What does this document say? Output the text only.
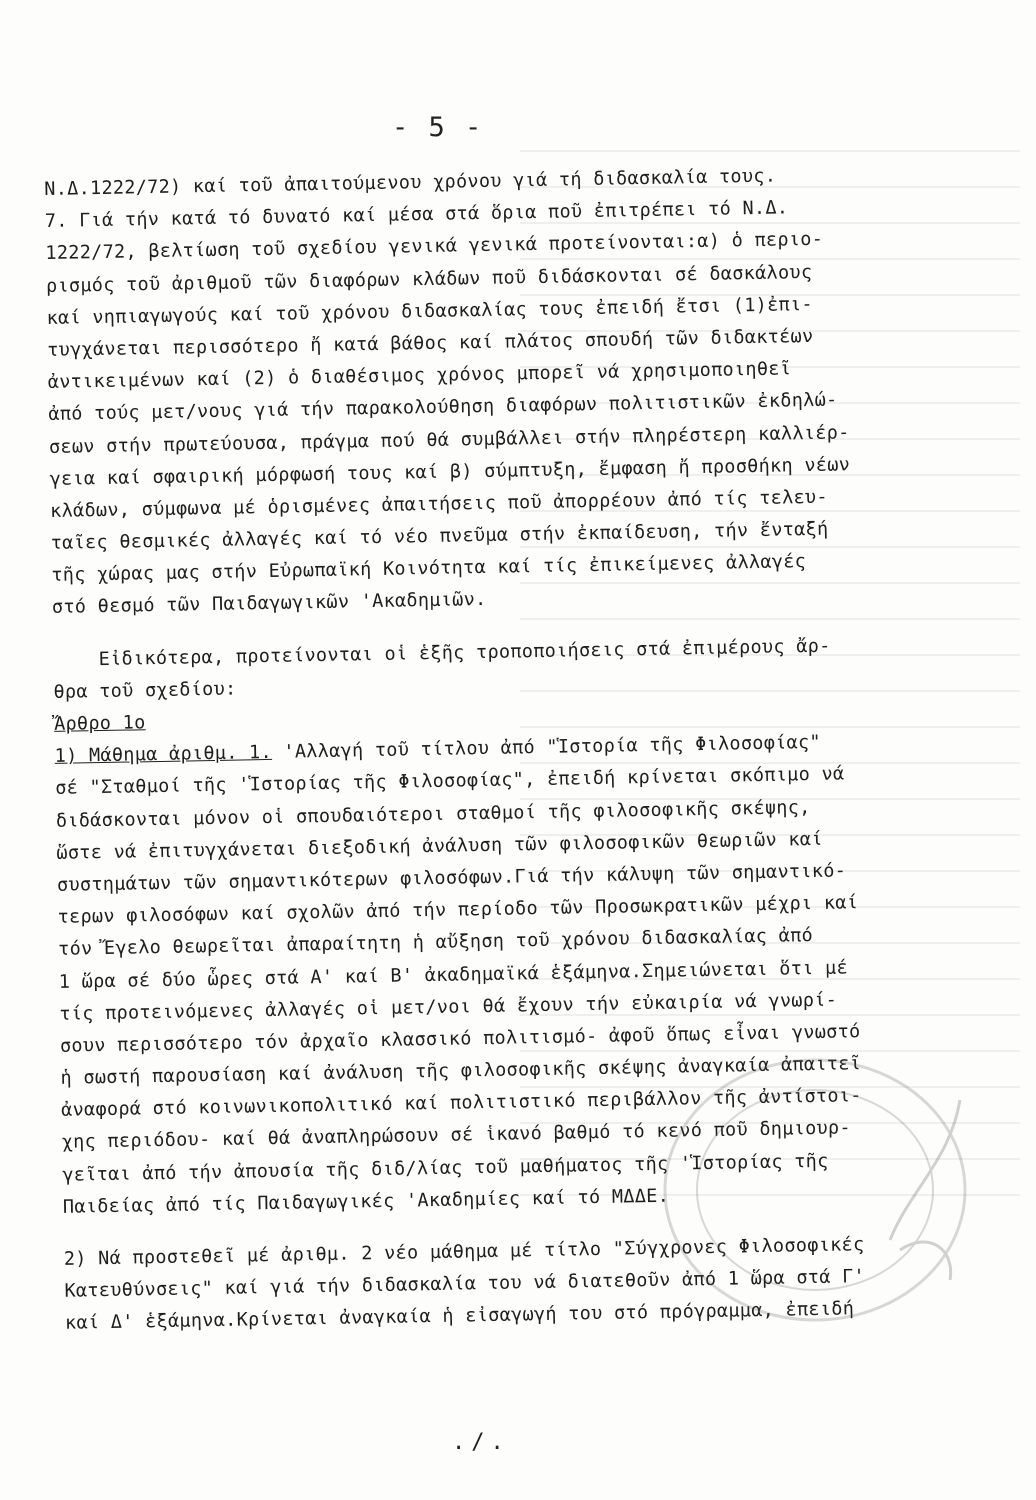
- 5 -
Ν.Δ.1222/72) καί τοῦ ἀπαιτούμενου χρόνου γιά τή διδασκαλία τους.
7. Γιά τήν κατά τό δυνατό καί μέσα στά ὅρια ποῦ ἐπιτρέπει τό Ν.Δ.
1222/72, βελτίωση τοῦ σχεδίου γενικά γενικά προτείνονται:α) ὁ περιο-
ρισμός τοῦ ἀριθμοῦ τῶν διαφόρων κλάδων ποῦ διδάσκονται σέ δασκάλους
καί νηπιαγωγούς καί τοῦ χρόνου διδασκαλίας τους ἐπειδή ἔτσι (1)ἐπι-
τυγχάνεται περισσότερο ἤ κατά βάθος καί πλάτος σπουδή τῶν διδακτέων
ἀντικειμένων καί (2) ὁ διαθέσιμος χρόνος μπορεῖ νά χρησιμοποιηθεῖ
ἀπό τούς μετ/νους γιά τήν παρακολούθηση διαφόρων πολιτιστικῶν ἐκδηλώ-
σεων στήν πρωτεύουσα, πράγμα πού θά συμβάλλει στήν πληρέστερη καλλιέρ-
γεια καί σφαιρική μόρφωσή τους καί β) σύμπτυξη, ἔμφαση ἤ προσθήκη νέων
κλάδων, σύμφωνα μέ ὁρισμένες ἀπαιτήσεις ποῦ ἀπορρέουν ἀπό τίς τελευ-
ταῖες θεσμικές ἀλλαγές καί τό νέο πνεῦμα στήν ἐκπαίδευση, τήν ἔνταξή
τῆς χώρας μας στήν Εὐρωπαϊκή Κοινότητα καί τίς ἐπικείμενες ἀλλαγές
στό θεσμό τῶν Παιδαγωγικῶν 'Ακαδημιῶν.
Εἰδικότερα, προτείνονται οἱ ἑξῆς τροποποιήσεις στά ἐπιμέρους ἄρ-
θρα τοῦ σχεδίου:
Ἄρθρο 1ο
1) Μάθημα ἀριθμ. 1. 'Αλλαγή τοῦ τίτλου ἀπό "Ἱστορία τῆς Φιλοσοφίας"
σέ "Σταθμοί τῆς 'Ἱστορίας τῆς Φιλοσοφίας", ἐπειδή κρίνεται σκόπιμο νά
διδάσκονται μόνον οἱ σπουδαιότεροι σταθμοί τῆς φιλοσοφικῆς σκέψης,
ὥστε νά ἐπιτυγχάνεται διεξοδική ἀνάλυση τῶν φιλοσοφικῶν θεωριῶν καί
συστημάτων τῶν σημαντικότερων φιλοσόφων.Γιά τήν κάλυψη τῶν σημαντικό-
τερων φιλοσόφων καί σχολῶν ἀπό τήν περίοδο τῶν Προσωκρατικῶν μέχρι καί
τόν Ἔγελο θεωρεῖται ἀπαραίτητη ἡ αὔξηση τοῦ χρόνου διδασκαλίας ἀπό
1 ὥρα σέ δύο ὧρες στά Α' καί Β' ἀκαδημαϊκά ἑξάμηνα.Σημειώνεται ὅτι μέ
τίς προτεινόμενες ἀλλαγές οἱ μετ/νοι θά ἔχουν τήν εὐκαιρία νά γνωρί-
σουν περισσότερο τόν ἀρχαῖο κλασσικό πολιτισμό- ἀφοῦ ὅπως εἶναι γνωστό
ἡ σωστή παρουσίαση καί ἀνάλυση τῆς φιλοσοφικῆς σκέψης ἀναγκαία ἀπαιτεῖ
ἀναφορά στό κοινωνικοπολιτικό καί πολιτιστικό περιβάλλον τῆς ἀντίστοι-
χης περιόδου- καί θά ἀναπληρώσουν σέ ἱκανό βαθμό τό κενό ποῦ δημιουρ-
γεῖται ἀπό τήν ἀπουσία τῆς διδ/λίας τοῦ μαθήματος τῆς 'Ἱστορίας τῆς
Παιδείας ἀπό τίς Παιδαγωγικές 'Ακαδημίες καί τό ΜΔΔΕ.
2) Νά προστεθεῖ μέ ἀριθμ. 2 νέο μάθημα μέ τίτλο "Σύγχρονες Φιλοσοφικές
Κατευθύνσεις" καί γιά τήν διδασκαλία του νά διατεθοῦν ἀπό 1 ὥρα στά Γ'
καί Δ' ἑξάμηνα.Κρίνεται ἀναγκαία ἡ εἰσαγωγή του στό πρόγραμμα, ἐπειδή
./.
